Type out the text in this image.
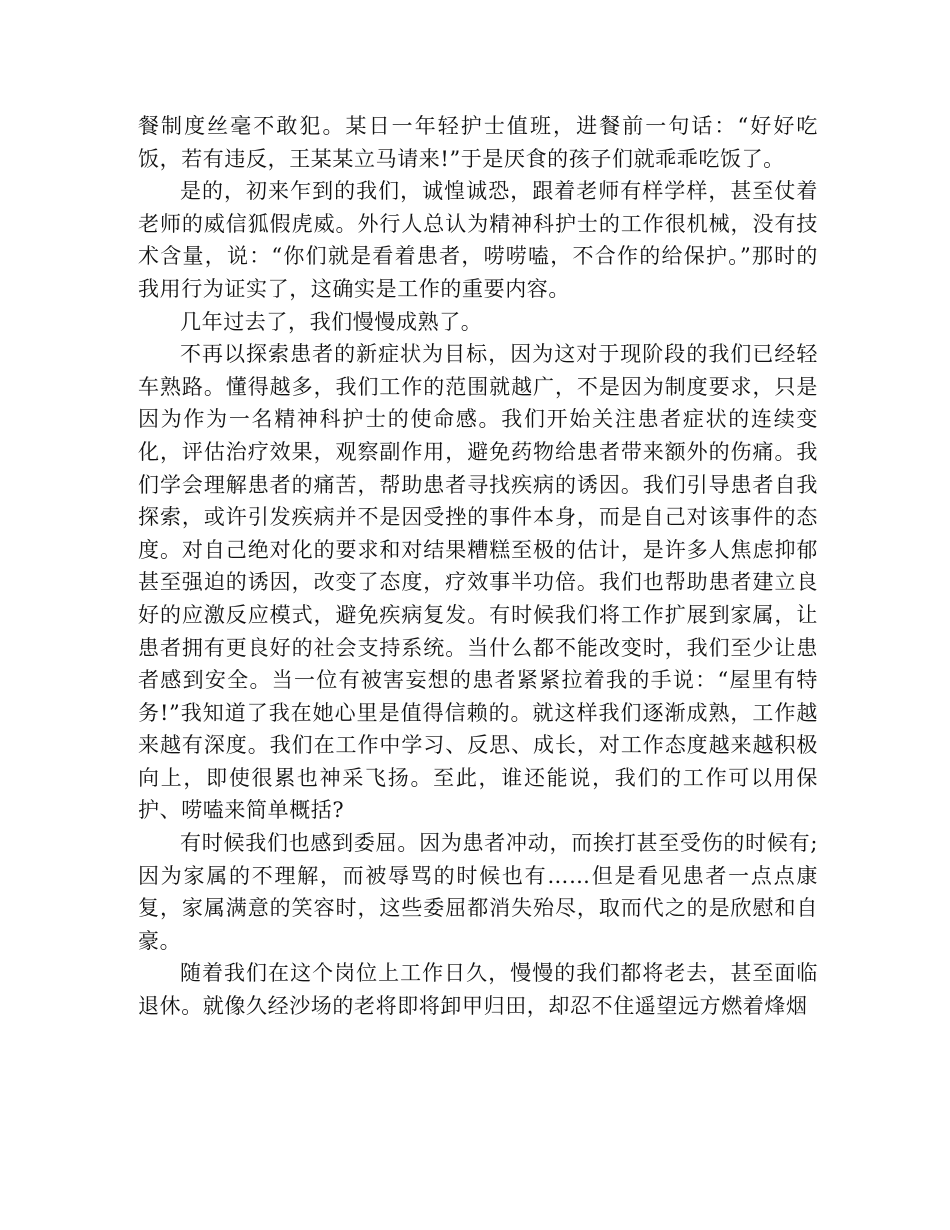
餐制度丝毫不敢犯。某日一年轻护士值班，进餐前一句话：“好好吃饭，若有违反，王某某立马请来!”于是厌食的孩子们就乖乖吃饭了。

是的，初来乍到的我们，诚惶诚恐，跟着老师有样学样，甚至仗着老师的威信狐假虎威。外行人总认为精神科护士的工作很机械，没有技术含量，说：“你们就是看着患者，唠唠嗑，不合作的给保护。”那时的我用行为证实了，这确实是工作的重要内容。

几年过去了，我们慢慢成熟了。

不再以探索患者的新症状为目标，因为这对于现阶段的我们已经轻车熟路。懂得越多，我们工作的范围就越广，不是因为制度要求，只是因为作为一名精神科护士的使命感。我们开始关注患者症状的连续变化，评估治疗效果，观察副作用，避免药物给患者带来额外的伤痛。我们学会理解患者的痛苦，帮助患者寻找疾病的诱因。我们引导患者自我探索，或许引发疾病并不是因受挫的事件本身，而是自己对该事件的态度。对自己绝对化的要求和对结果糟糕至极的估计，是许多人焦虑抑郁甚至强迫的诱因，改变了态度，疗效事半功倍。我们也帮助患者建立良好的应激反应模式，避免疾病复发。有时候我们将工作扩展到家属，让患者拥有更良好的社会支持系统。当什么都不能改变时，我们至少让患者感到安全。当一位有被害妄想的患者紧紧拉着我的手说：“屋里有特务!”我知道了我在她心里是值得信赖的。就这样我们逐渐成熟，工作越来越有深度。我们在工作中学习、反思、成长，对工作态度越来越积极向上，即使很累也神采飞扬。至此，谁还能说，我们的工作可以用保护、唠嗑来简单概括?

有时候我们也感到委屈。因为患者冲动，而挨打甚至受伤的时候有;因为家属的不理解，而被辱骂的时候也有……但是看见患者一点点康复，家属满意的笑容时，这些委屈都消失殆尽，取而代之的是欣慰和自豪。

随着我们在这个岗位上工作日久，慢慢的我们都将老去，甚至面临退休。就像久经沙场的老将即将卸甲归田，却忍不住遥望远方燃着烽烟
